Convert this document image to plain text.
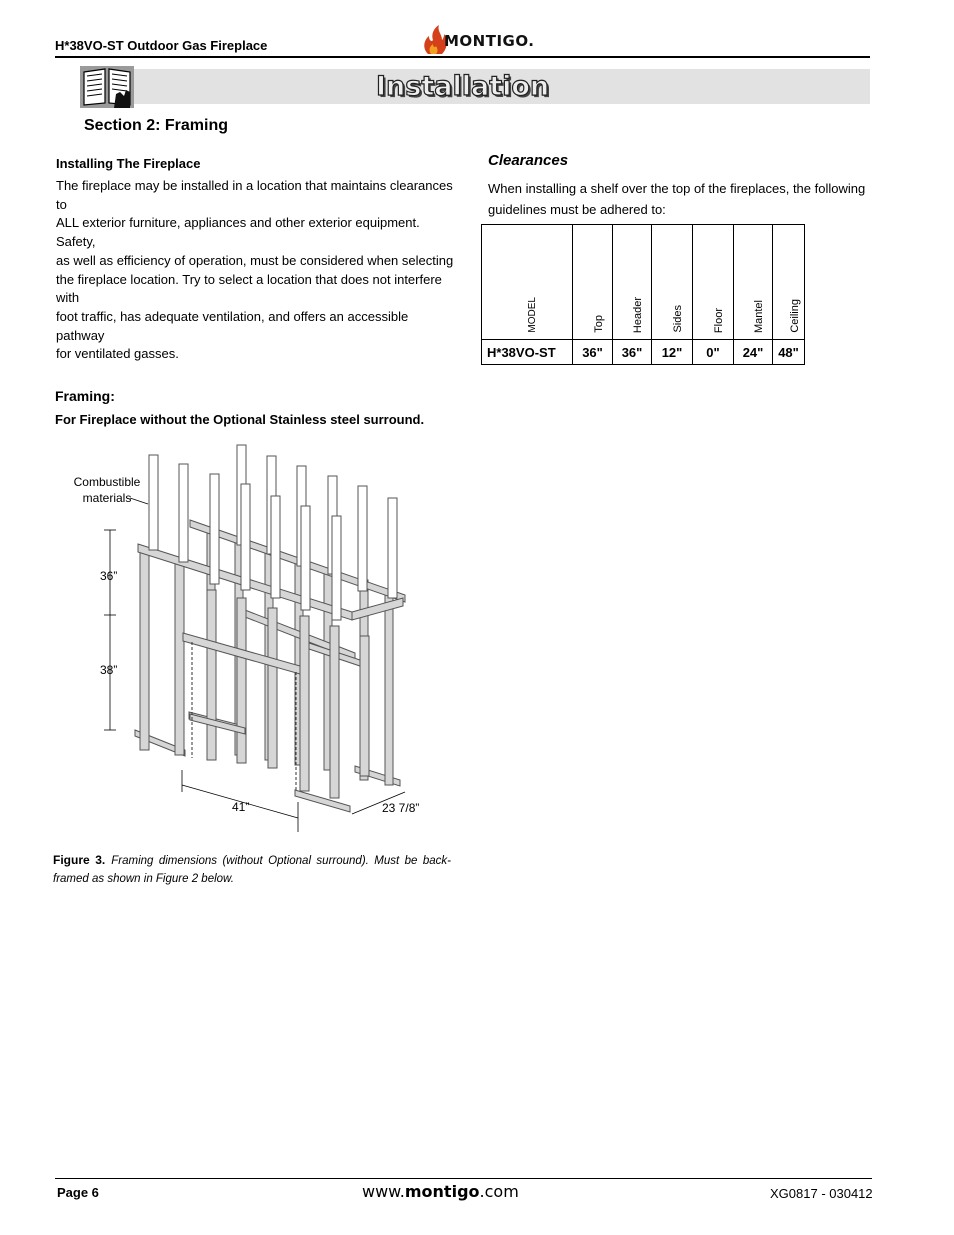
H*38VO-ST Outdoor Gas Fireplace	MONTIGO.
Installation
Section 2: Framing
Installing The Fireplace
The fireplace may be installed in a location that maintains clearances to
ALL exterior furniture, appliances and other exterior equipment. Safety,
as well as efficiency of operation, must be considered when selecting
the fireplace location. Try to select a location that does not interfere with
foot traffic, has adequate ventilation, and offers an accessible pathway
for ventilated gasses.
Clearances
When installing a shelf over the top of the fireplaces, the following
guidelines must be adhered to:
MODEL	Top	Header	Sides	Floor	Mantel	Ceiling

H*38VO-ST	36"	36"	12"	0"	24"	48"
Framing:
For Fireplace without the Optional Stainless steel surround.
Combustible
materials
36”
38”
41”	23 7/8”
Figure 3. Framing dimensions (without Optional surround). Must be back-framed as shown in Figure 2 below.
Page 6	www.montigo.com	XG0817 - 030412
